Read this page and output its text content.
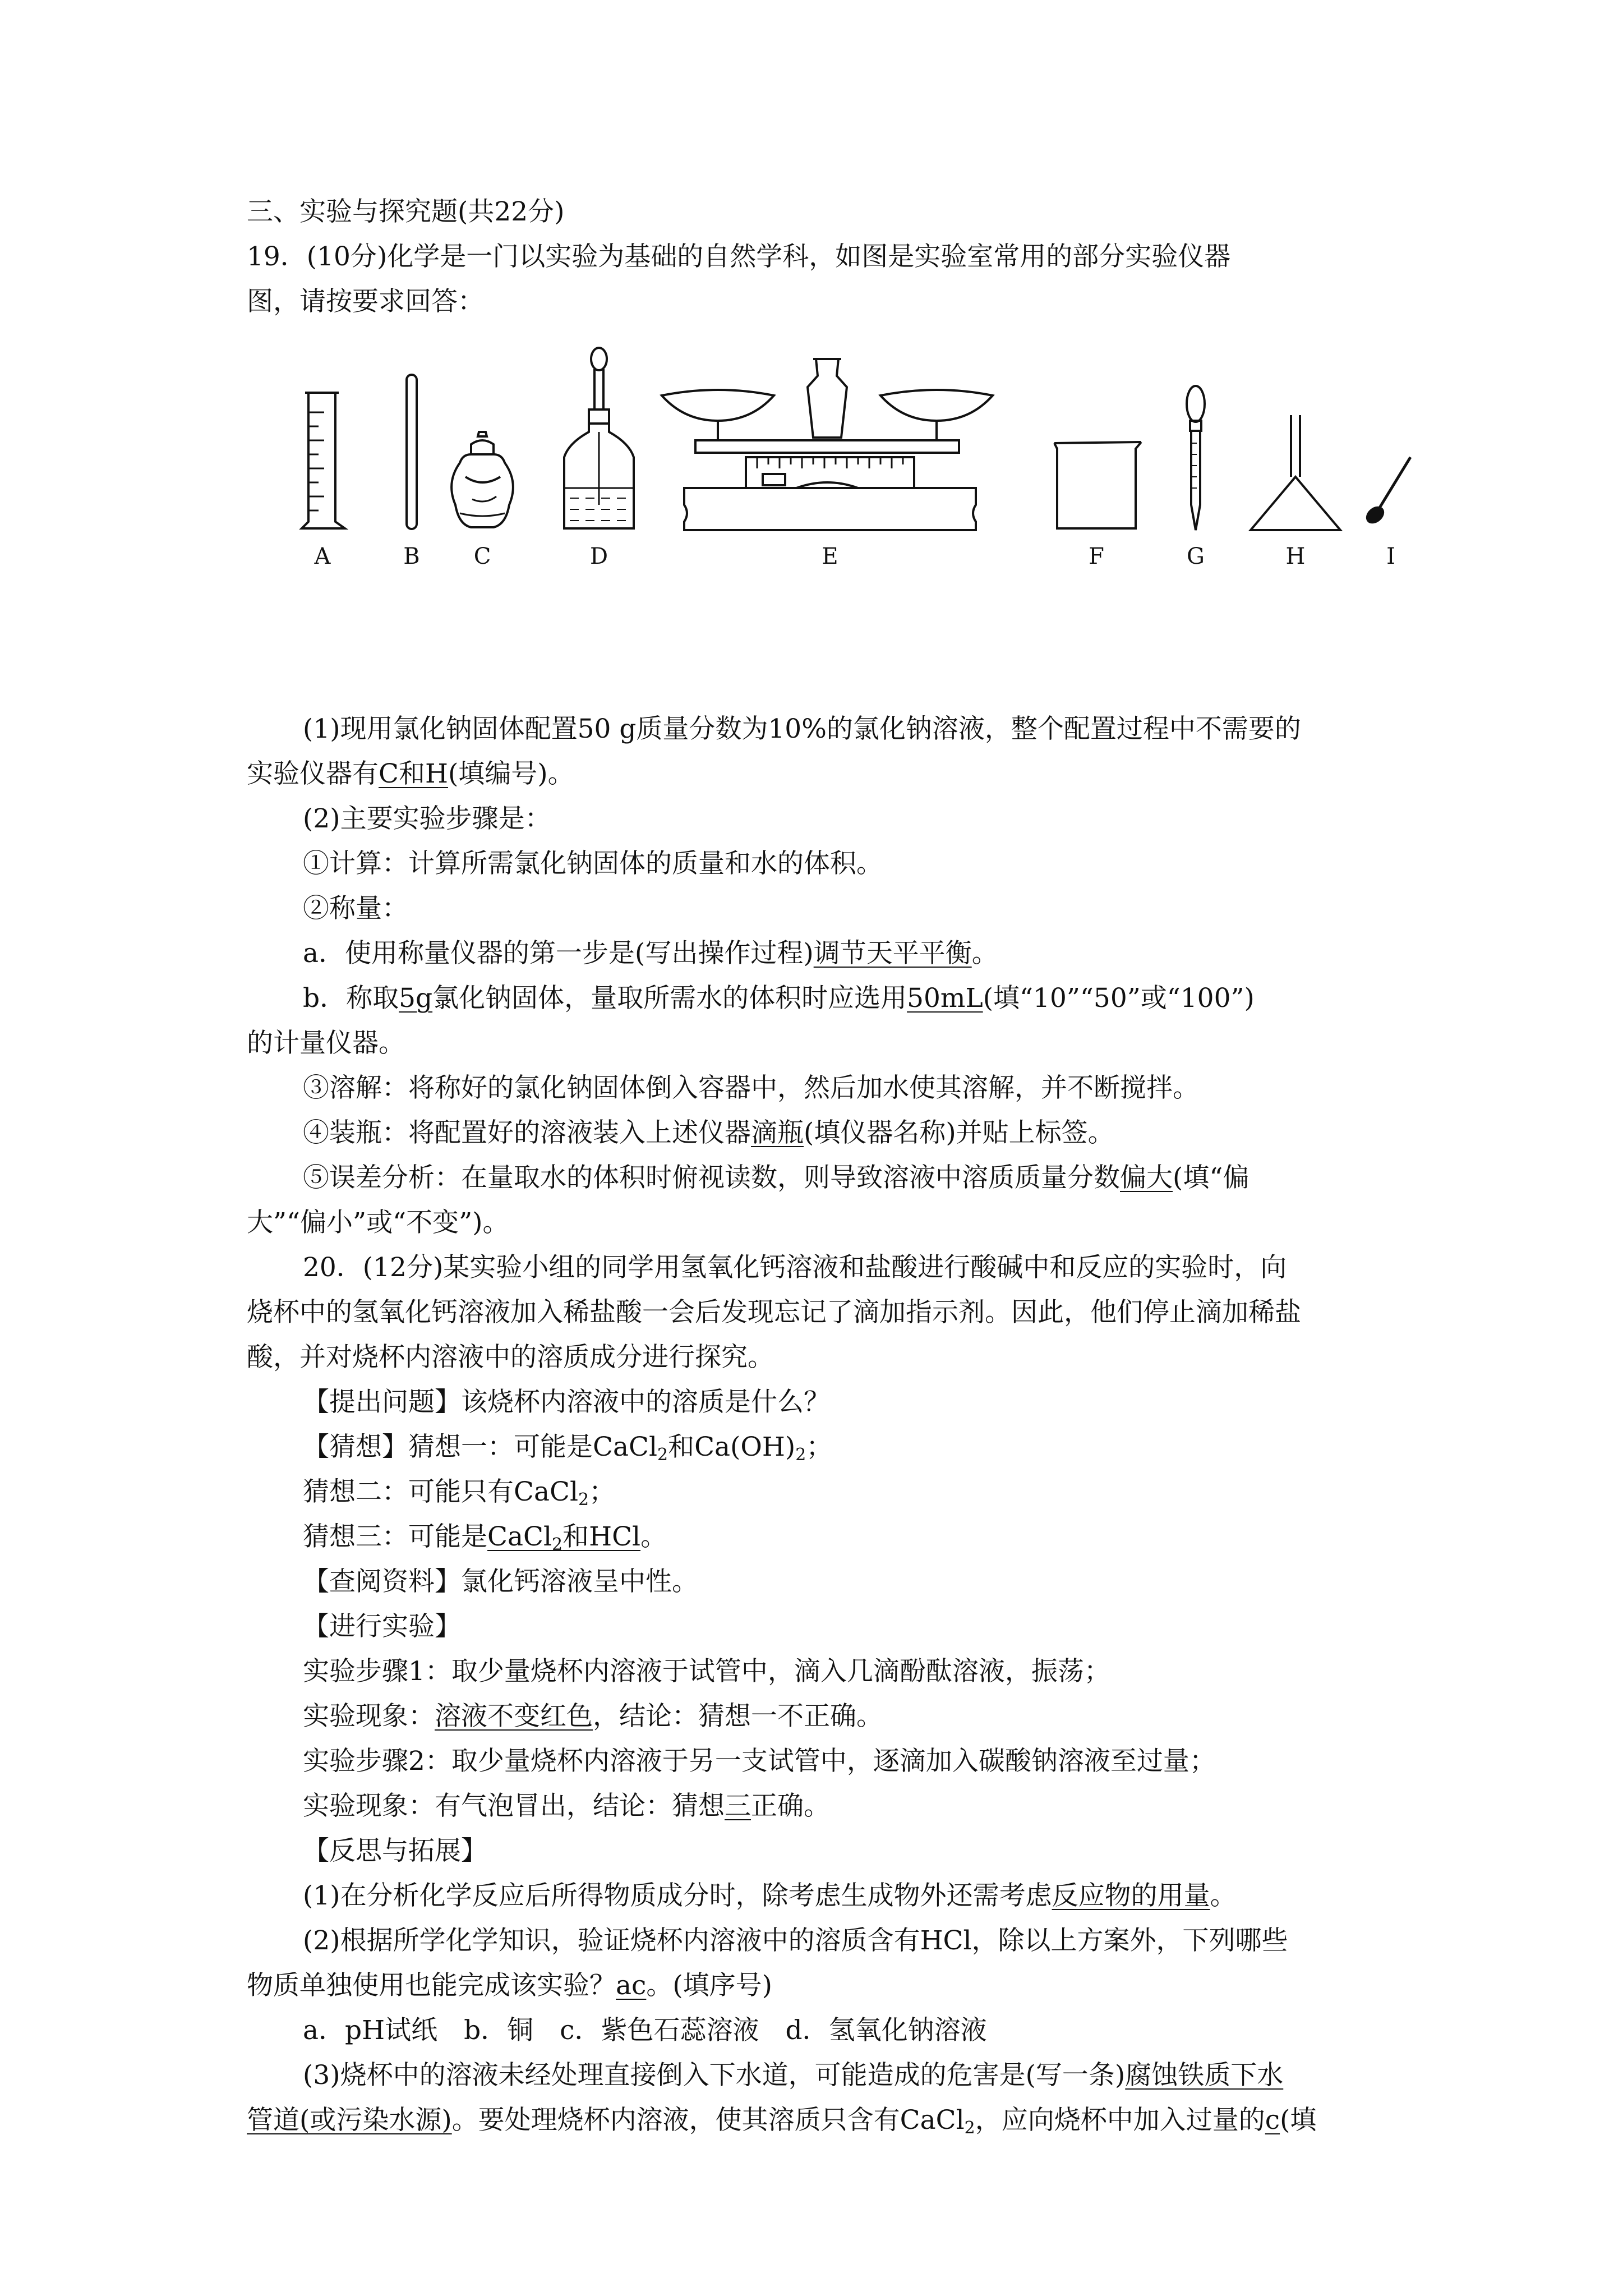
三、实验与探究题(共22分)
19．(10分)化学是一门以实验为基础的自然学科，如图是实验室常用的部分实验仪器
图，请按要求回答：
A	B C	D	E	F	G	H	I
(1)现用氯化钠固体配置50 g质量分数为10%的氯化钠溶液，整个配置过程中不需要的
实验仪器有C和H(填编号)。
(2)主要实验步骤是：
①计算：计算所需氯化钠固体的质量和水的体积。
②称量：
a．使用称量仪器的第一步是(写出操作过程)调节天平平衡。
b．称取5g氯化钠固体，量取所需水的体积时应选用50mL(填“10”“50”或“100”)
的计量仪器。
③溶解：将称好的氯化钠固体倒入容器中，然后加水使其溶解，并不断搅拌。
④装瓶：将配置好的溶液装入上述仪器滴瓶(填仪器名称)并贴上标签。
⑤误差分析：在量取水的体积时俯视读数，则导致溶液中溶质质量分数偏大(填“偏
大”“偏小”或“不变”)。
20．(12分)某实验小组的同学用氢氧化钙溶液和盐酸进行酸碱中和反应的实验时，向
烧杯中的氢氧化钙溶液加入稀盐酸一会后发现忘记了滴加指示剂。因此，他们停止滴加稀盐
酸，并对烧杯内溶液中的溶质成分进行探究。
【提出问题】该烧杯内溶液中的溶质是什么？
【猜想】猜想一：可能是CaCl$_2$和$Ca(OH)_2$；
猜想二：可能只有CaCl$_2$；
猜想三：可能是CaCl$_2$和HCl。
【查阅资料】氯化钙溶液呈中性。
【进行实验】
实验步骤1：取少量烧杯内溶液于试管中，滴入几滴酚酞溶液，振荡；
实验现象：溶液不变红色，结论：猜想一不正确。
实验步骤2：取少量烧杯内溶液于另一支试管中，逐滴加入碳酸钠溶液至过量；
实验现象：有气泡冒出，结论：猜想三正确。
【反思与拓展】
(1)在分析化学反应后所得物质成分时，除考虑生成物外还需考虑反应物的用量。
(2)根据所学化学知识，验证烧杯内溶液中的溶质含有HCl，除以上方案外，下列哪些
物质单独使用也能完成该实验？ac。(填序号)
a．pH试纸　b．铜　c．紫色石蕊溶液　d．氢氧化钠溶液
(3)烧杯中的溶液未经处理直接倒入下水道，可能造成的危害是(写一条)腐蚀铁质下水
管道(或污染水源)。要处理烧杯内溶液，使其溶质只含有CaCl$_2$，应向烧杯中加入过量的c(填
